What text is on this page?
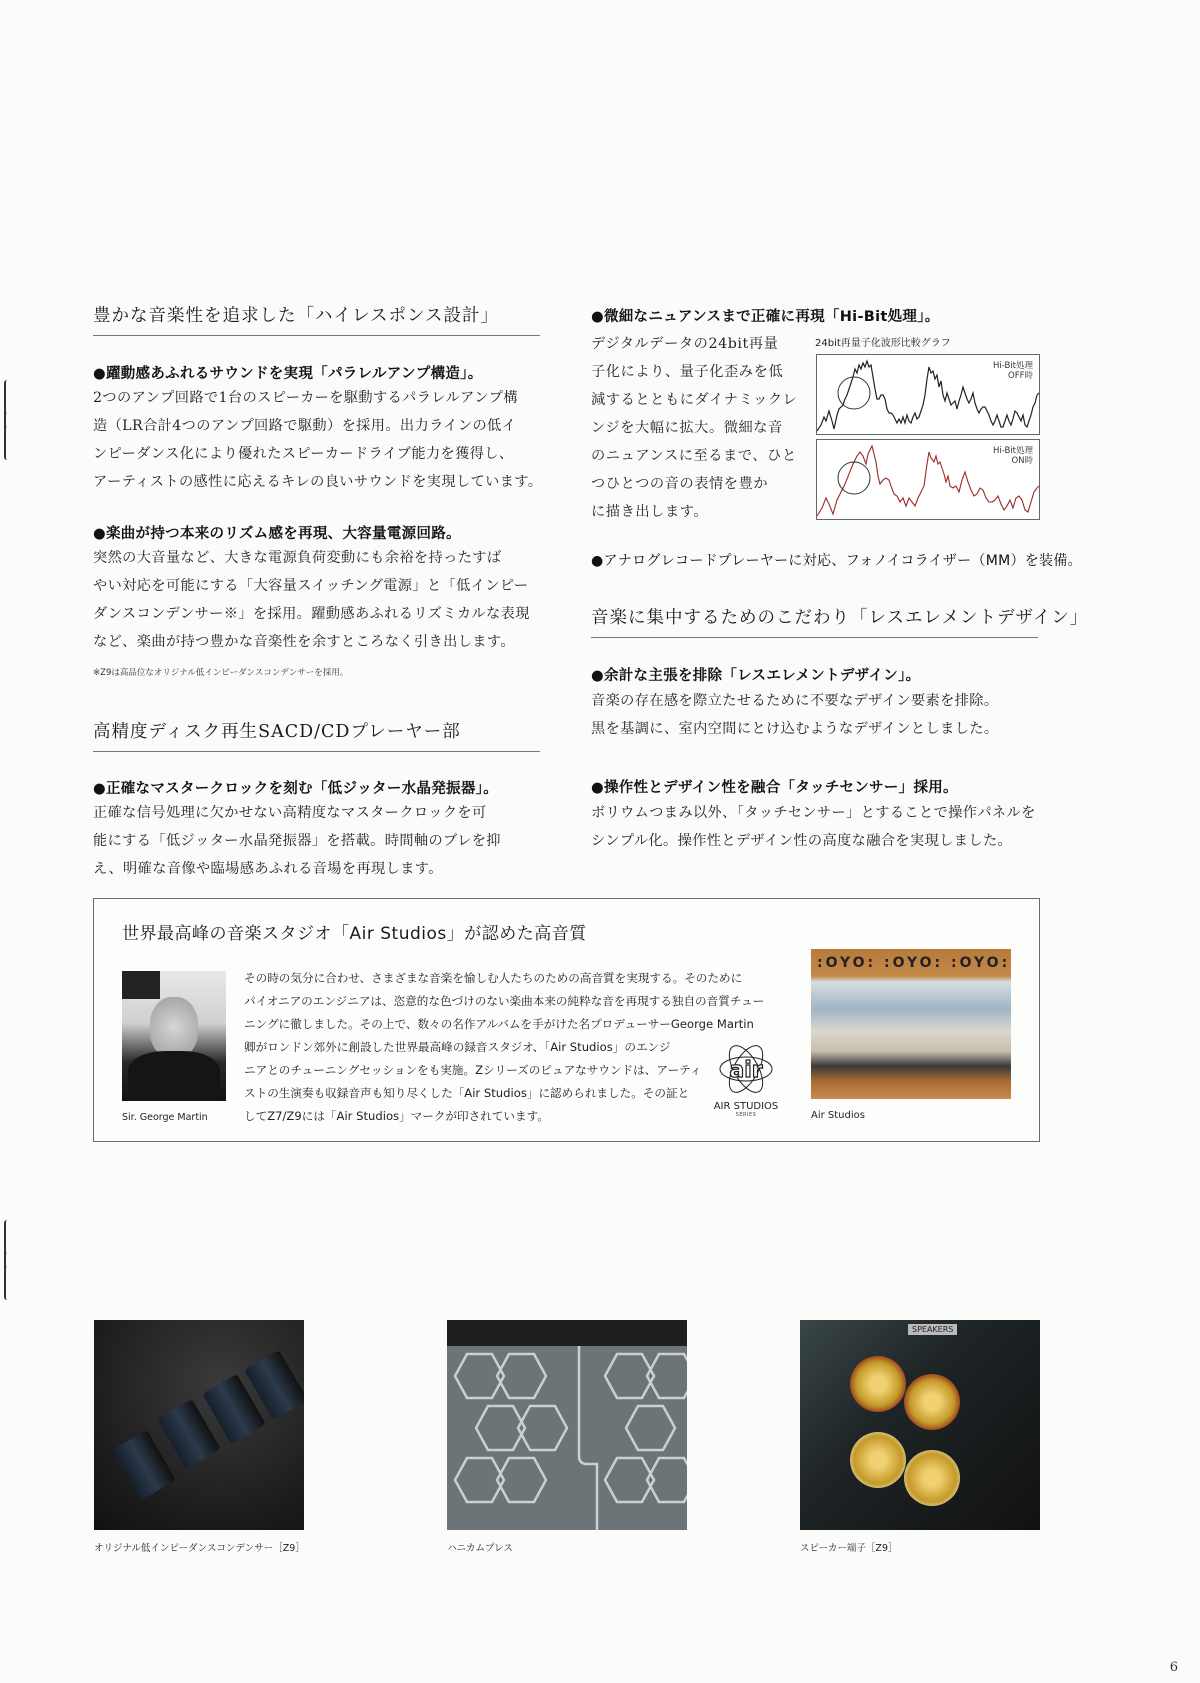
豊かな音楽性を追求した「ハイレスポンス設計」
●躍動感あふれるサウンドを実現「パラレルアンプ構造」。
2つのアンプ回路で1台のスピーカーを駆動するパラレルアンプ構
造（LR合計4つのアンプ回路で駆動）を採用。出力ラインの低イ
ンピーダンス化により優れたスピーカードライブ能力を獲得し、
アーティストの感性に応えるキレの良いサウンドを実現しています。
●楽曲が持つ本来のリズム感を再現、大容量電源回路。
突然の大音量など、大きな電源負荷変動にも余裕を持ったすば
やい対応を可能にする「大容量スイッチング電源」と「低インピー
ダンスコンデンサー※」を採用。躍動感あふれるリズミカルな表現
など、楽曲が持つ豊かな音楽性を余すところなく引き出します。
※Z9は高品位なオリジナル低インピーダンスコンデンサーを採用。
高精度ディスク再生SACD/CDプレーヤー部
●正確なマスタークロックを刻む「低ジッター水晶発振器」。
正確な信号処理に欠かせない高精度なマスタークロックを可
能にする「低ジッター水晶発振器」を搭載。時間軸のブレを抑
え、明確な音像や臨場感あふれる音場を再現します。
●微細なニュアンスまで正確に再現「Hi-Bit処理」。
デジタルデータの24bit再量
子化により、量子化歪みを低
減するとともにダイナミックレ
ンジを大幅に拡大。微細な音
のニュアンスに至るまで、ひと
つひとつの音の表情を豊か
に描き出します。
24bit再量子化波形比較グラフ
Hi-Bit処理
OFF時
Hi-Bit処理
ON時
●アナログレコードプレーヤーに対応、フォノイコライザー（MM）を装備。
音楽に集中するためのこだわり「レスエレメントデザイン」
●余計な主張を排除「レスエレメントデザイン」。
音楽の存在感を際立たせるために不要なデザイン要素を排除。
黒を基調に、室内空間にとけ込むようなデザインとしました。
●操作性とデザイン性を融合「タッチセンサー」採用。
ボリウムつまみ以外、「タッチセンサー」とすることで操作パネルを
シンプル化。操作性とデザイン性の高度な融合を実現しました。
世界最高峰の音楽スタジオ「Air Studios」が認めた高音質
Sir. George Martin
その時の気分に合わせ、さまざまな音楽を愉しむ人たちのための高音質を実現する。そのために
パイオニアのエンジニアは、恣意的な色づけのない楽曲本来の純粋な音を再現する独自の音質チュー
ニングに徹しました。その上で、数々の名作アルバムを手がけた名プロデューサーGeorge Martin
卿がロンドン郊外に創設した世界最高峰の録音スタジオ、「Air Studios」のエンジ
ニアとのチューニングセッションをも実施。Zシリーズのピュアなサウンドは、アーティ
ストの生演奏も収録音声も知り尽くした「Air Studios」に認められました。その証と
してZ7/Z9には「Air Studios」マークが印されています。
air
AIR STUDIOS
SERIES
:OYO: :OYO: :OYO:
Air Studios
オリジナル低インピーダンスコンデンサー［Z9］	ハニカムプレス
SPEAKERS
スピーカー端子［Z9］
6
